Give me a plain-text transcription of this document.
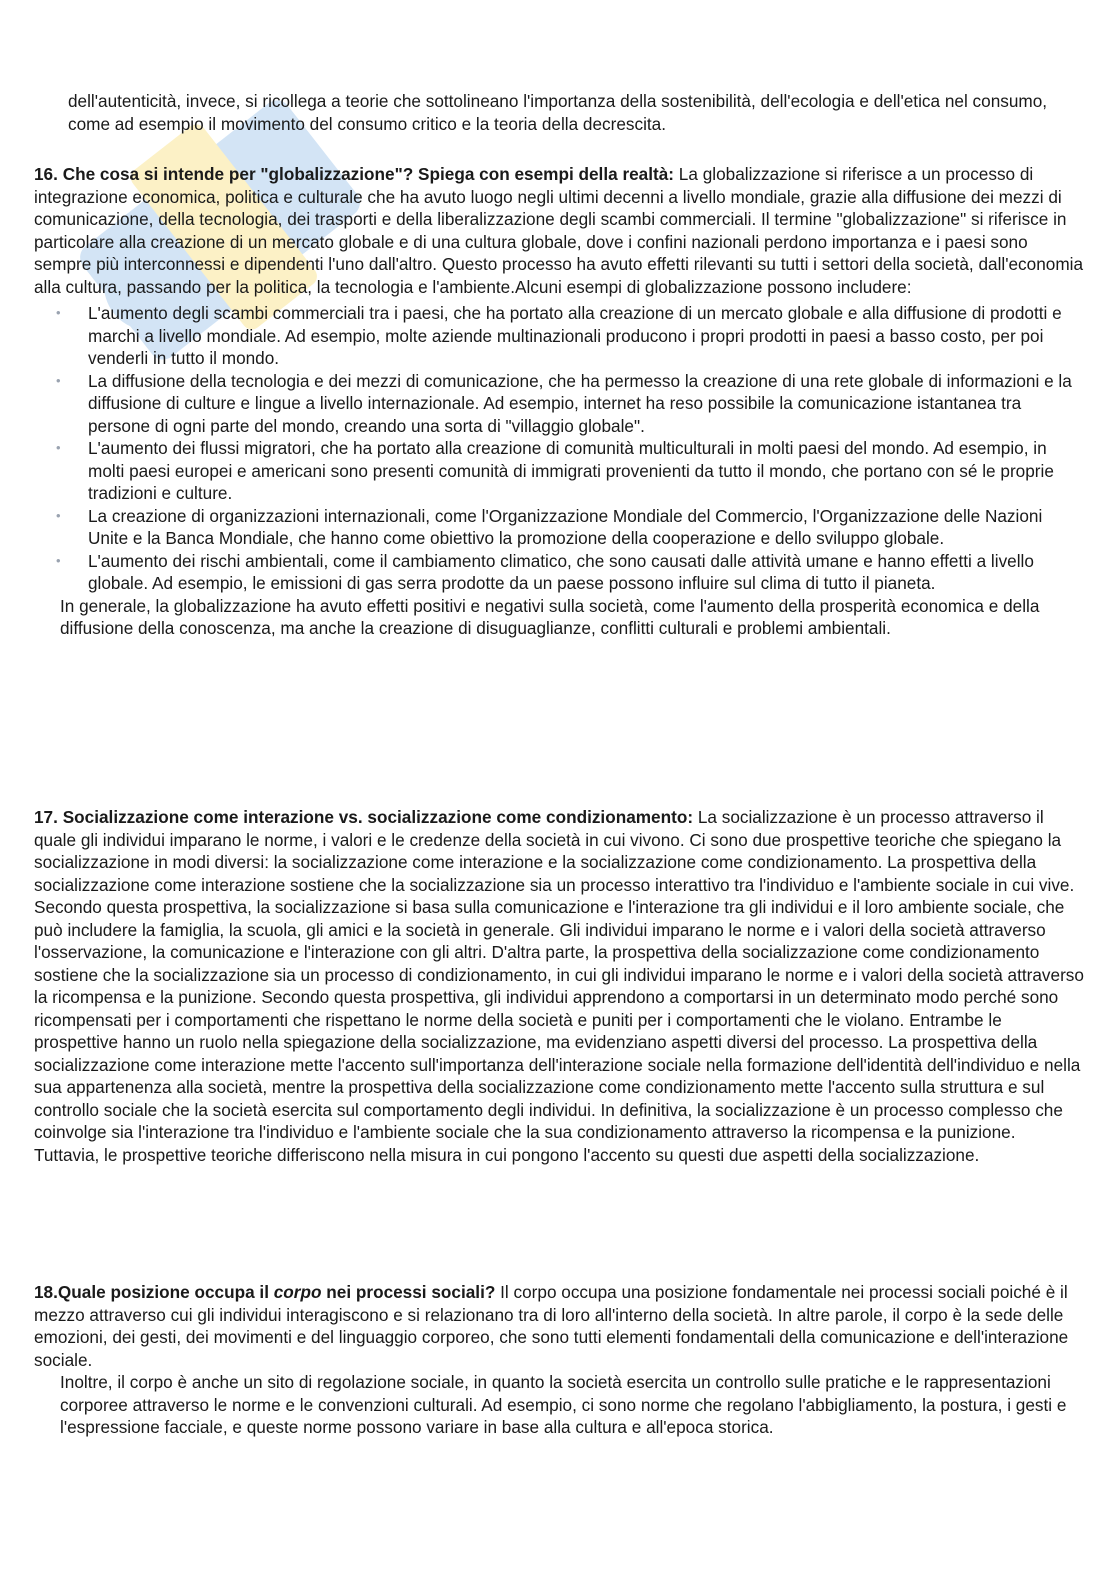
dell'autenticità, invece, si ricollega a teorie che sottolineano l'importanza della sostenibilità, dell'ecologia e dell'etica nel consumo, come ad esempio il movimento del consumo critico e la teoria della decrescita.

16. Che cosa si intende per "globalizzazione"? Spiega con esempi della realtà: La globalizzazione si riferisce a un processo di integrazione economica, politica e culturale che ha avuto luogo negli ultimi decenni a livello mondiale, grazie alla diffusione dei mezzi di comunicazione, della tecnologia, dei trasporti e della liberalizzazione degli scambi commerciali. Il termine "globalizzazione" si riferisce in particolare alla creazione di un mercato globale e di una cultura globale, dove i confini nazionali perdono importanza e i paesi sono sempre più interconnessi e dipendenti l'uno dall'altro. Questo processo ha avuto effetti rilevanti su tutti i settori della società, dall'economia alla cultura, passando per la politica, la tecnologia e l'ambiente.Alcuni esempi di globalizzazione possono includere:

• L'aumento degli scambi commerciali tra i paesi, che ha portato alla creazione di un mercato globale e alla diffusione di prodotti e marchi a livello mondiale. Ad esempio, molte aziende multinazionali producono i propri prodotti in paesi a basso costo, per poi venderli in tutto il mondo.
• La diffusione della tecnologia e dei mezzi di comunicazione, che ha permesso la creazione di una rete globale di informazioni e la diffusione di culture e lingue a livello internazionale. Ad esempio, internet ha reso possibile la comunicazione istantanea tra persone di ogni parte del mondo, creando una sorta di "villaggio globale".
• L'aumento dei flussi migratori, che ha portato alla creazione di comunità multiculturali in molti paesi del mondo. Ad esempio, in molti paesi europei e americani sono presenti comunità di immigrati provenienti da tutto il mondo, che portano con sé le proprie tradizioni e culture.
• La creazione di organizzazioni internazionali, come l'Organizzazione Mondiale del Commercio, l'Organizzazione delle Nazioni Unite e la Banca Mondiale, che hanno come obiettivo la promozione della cooperazione e dello sviluppo globale.
• L'aumento dei rischi ambientali, come il cambiamento climatico, che sono causati dalle attività umane e hanno effetti a livello globale. Ad esempio, le emissioni di gas serra prodotte da un paese possono influire sul clima di tutto il pianeta.

In generale, la globalizzazione ha avuto effetti positivi e negativi sulla società, come l'aumento della prosperità economica e della diffusione della conoscenza, ma anche la creazione di disuguaglianze, conflitti culturali e problemi ambientali.

17. Socializzazione come interazione vs. socializzazione come condizionamento: La socializzazione è un processo attraverso il quale gli individui imparano le norme, i valori e le credenze della società in cui vivono. Ci sono due prospettive teoriche che spiegano la socializzazione in modi diversi: la socializzazione come interazione e la socializzazione come condizionamento. La prospettiva della socializzazione come interazione sostiene che la socializzazione sia un processo interattivo tra l'individuo e l'ambiente sociale in cui vive. Secondo questa prospettiva, la socializzazione si basa sulla comunicazione e l'interazione tra gli individui e il loro ambiente sociale, che può includere la famiglia, la scuola, gli amici e la società in generale. Gli individui imparano le norme e i valori della società attraverso l'osservazione, la comunicazione e l'interazione con gli altri. D'altra parte, la prospettiva della socializzazione come condizionamento sostiene che la socializzazione sia un processo di condizionamento, in cui gli individui imparano le norme e i valori della società attraverso la ricompensa e la punizione. Secondo questa prospettiva, gli individui apprendono a comportarsi in un determinato modo perché sono ricompensati per i comportamenti che rispettano le norme della società e puniti per i comportamenti che le violano. Entrambe le prospettive hanno un ruolo nella spiegazione della socializzazione, ma evidenziano aspetti diversi del processo. La prospettiva della socializzazione come interazione mette l'accento sull'importanza dell'interazione sociale nella formazione dell'identità dell'individuo e nella sua appartenenza alla società, mentre la prospettiva della socializzazione come condizionamento mette l'accento sulla struttura e sul controllo sociale che la società esercita sul comportamento degli individui. In definitiva, la socializzazione è un processo complesso che coinvolge sia l'interazione tra l'individuo e l'ambiente sociale che la sua condizionamento attraverso la ricompensa e la punizione. Tuttavia, le prospettive teoriche differiscono nella misura in cui pongono l'accento su questi due aspetti della socializzazione.

18.Quale posizione occupa il corpo nei processi sociali? Il corpo occupa una posizione fondamentale nei processi sociali poiché è il mezzo attraverso cui gli individui interagiscono e si relazionano tra di loro all'interno della società. In altre parole, il corpo è la sede delle emozioni, dei gesti, dei movimenti e del linguaggio corporeo, che sono tutti elementi fondamentali della comunicazione e dell'interazione sociale.

Inoltre, il corpo è anche un sito di regolazione sociale, in quanto la società esercita un controllo sulle pratiche e le rappresentazioni corporee attraverso le norme e le convenzioni culturali. Ad esempio, ci sono norme che regolano l'abbigliamento, la postura, i gesti e l'espressione facciale, e queste norme possono variare in base alla cultura e all'epoca storica.
